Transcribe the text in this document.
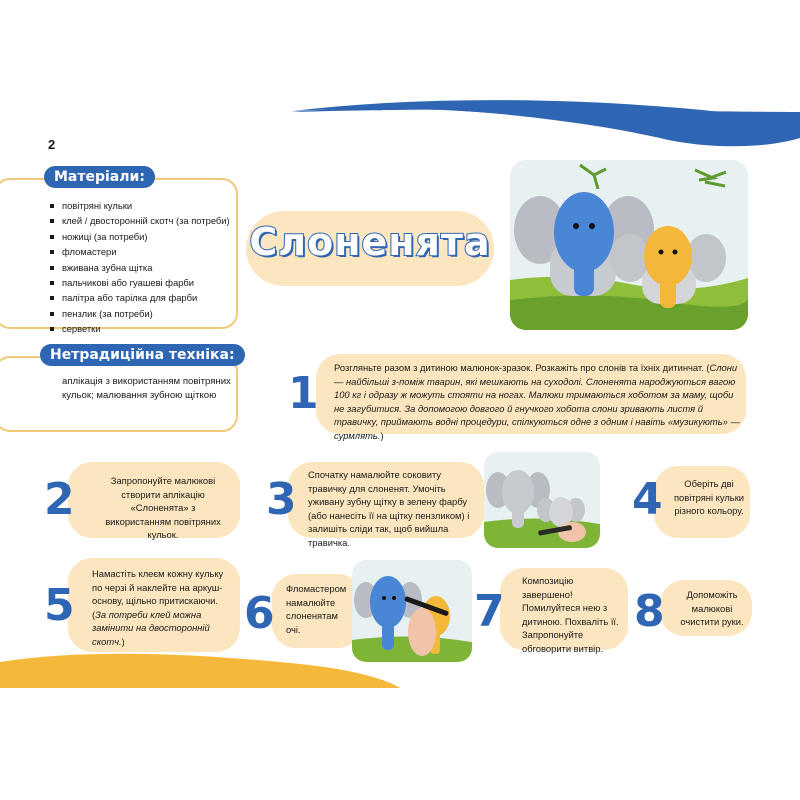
2
Матеріали:
повітряні кульки
клей / двосторонній скотч (за потреби)
ножиці (за потреби)
фломастери
вживана зубна щітка
пальчикові або гуашеві фарби
палітра або тарілка для фарби
пензлик (за потреби)
серветки
Нетрадиційна техніка:
аплікація з використанням повітряних кульок; малювання зубною щіткою
Слоненята
1
Розгляньте разом з дитиною малюнок-зразок. Розкажіть про слонів та їхніх дитинчат. (Слони — найбільші з-поміж тварин, які мешкають на суходолі. Слоненята народжуються вагою 100 кг і одразу ж можуть стояти на ногах. Малюки тримаються хоботом за маму, щоби не загубитися. За допомогою довгого й гнучкого хобота слони зривають листя й травичку, приймають водні процедури, спілкуються одне з одним і навіть «музикують» — сурмлять.)
2	Запропонуйте малюкові створити аплікацію «Слоненята» з використанням повітряних кульок.
3 Спочатку намалюйте соковиту травичку для слоненят. Умочіть уживану зубну щітку в зелену фарбу (або нанесіть її на щітку пензликом) і залишіть сліди так, щоб вийшла травичка.
4	Оберіть дві повітряні кульки різного кольору.
5
Намастіть клеєм кожну кульку по черзі й наклейте на аркуш-основу, щільно притискаючи. (За потреби клей можна замінити на двосторонній скотч.)
6 Фломастером намалюйте слоненятам очі.	7
Композицію завершено! Помилуйтеся нею з дитиною. Похваліть її. Запропонуйте обговорити витвір.
8	Допоможіть малюкові очистити руки.
